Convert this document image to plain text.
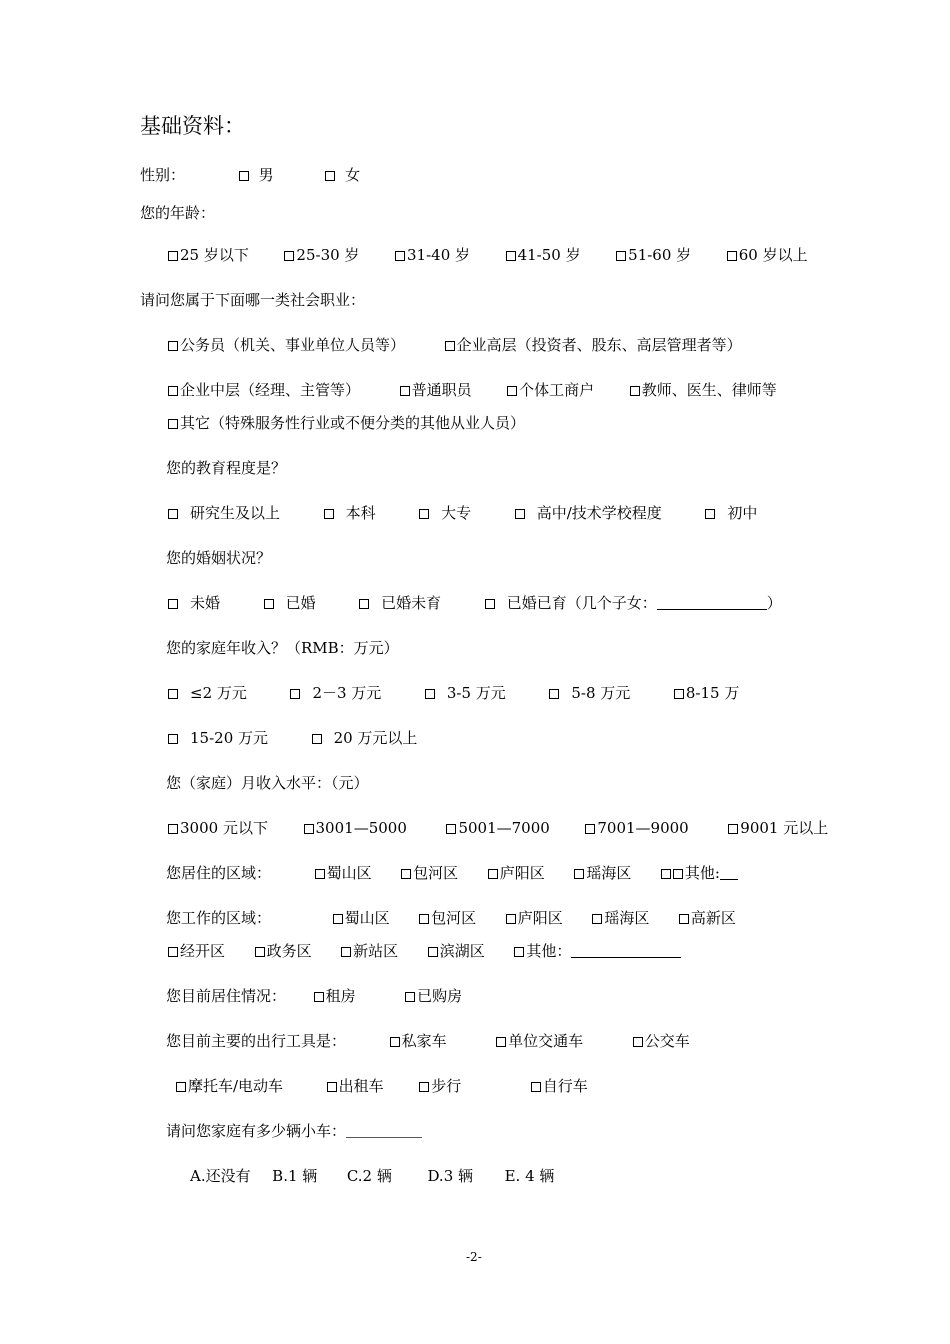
基础资料：
性别：	男	女
您的年龄：
25 岁以下	25-30 岁	31-40 岁	41-50 岁	51-60 岁	60 岁以上
请问您属于下面哪一类社会职业：
公务员（机关、事业单位人员等）	企业高层（投资者、股东、高层管理者等）
企业中层（经理、主管等）	普通职员	个体工商户	教师、医生、律师等
其它（特殊服务性行业或不便分类的其他从业人员）
您的教育程度是？
研究生及以上	本科	大专	高中/技术学校程度	初中
您的婚姻状况？
未婚	已婚	已婚未育	已婚已育（几个子女：	）
您的家庭年收入？（RMB：万元）
≤2 万元	2－3 万元	3-5 万元	5-8 万元	8-15 万
15-20 万元	20 万元以上
您（家庭）月收入水平：（元）
3000 元以下	3001—5000	5001—7000	7001—9000	9001 元以上
您居住的区域：	蜀山区	包河区	庐阳区	瑶海区	其他:
您工作的区域：	蜀山区	包河区	庐阳区	瑶海区	高新区
经开区	政务区	新站区	滨湖区	其他：
您目前居住情况：	租房	已购房
您目前主要的出行工具是：	私家车	单位交通车	公交车
摩托车/电动车	出租车	步行	自行车
请问您家庭有多少辆小车：
A.还没有 B.1 辆 C.2 辆 D.3 辆 E. 4 辆
-2-
